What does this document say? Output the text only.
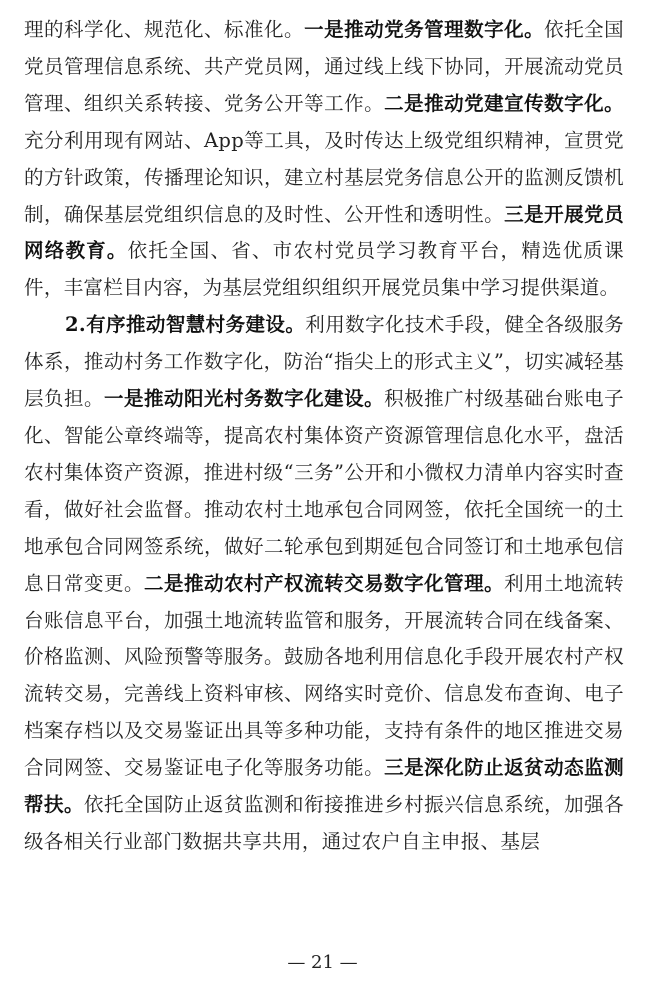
理的科学化、规范化、标准化。一是推动党务管理数字化。依托全国党员管理信息系统、共产党员网，通过线上线下协同，开展流动党员管理、组织关系转接、党务公开等工作。二是推动党建宣传数字化。充分利用现有网站、App等工具，及时传达上级党组织精神，宣贯党的方针政策，传播理论知识，建立村基层党务信息公开的监测反馈机制，确保基层党组织信息的及时性、公开性和透明性。三是开展党员网络教育。依托全国、省、市农村党员学习教育平台，精选优质课件，丰富栏目内容，为基层党组织组织开展党员集中学习提供渠道。

2.有序推动智慧村务建设。利用数字化技术手段，健全各级服务体系，推动村务工作数字化，防治“指尖上的形式主义”，切实减轻基层负担。一是推动阳光村务数字化建设。积极推广村级基础台账电子化、智能公章终端等，提高农村集体资产资源管理信息化水平，盘活农村集体资产资源，推进村级“三务”公开和小微权力清单内容实时查看，做好社会监督。推动农村土地承包合同网签，依托全国统一的土地承包合同网签系统，做好二轮承包到期延包合同签订和土地承包信息日常变更。二是推动农村产权流转交易数字化管理。利用土地流转台账信息平台，加强土地流转监管和服务，开展流转合同在线备案、价格监测、风险预警等服务。鼓励各地利用信息化手段开展农村产权流转交易，完善线上资料审核、网络实时竞价、信息发布查询、电子档案存档以及交易鉴证出具等多种功能，支持有条件的地区推进交易合同网签、交易鉴证电子化等服务功能。三是深化防止返贫动态监测帮扶。依托全国防止返贫监测和衔接推进乡村振兴信息系统，加强各级各相关行业部门数据共享共用，通过农户自主申报、基层

— 21 —
